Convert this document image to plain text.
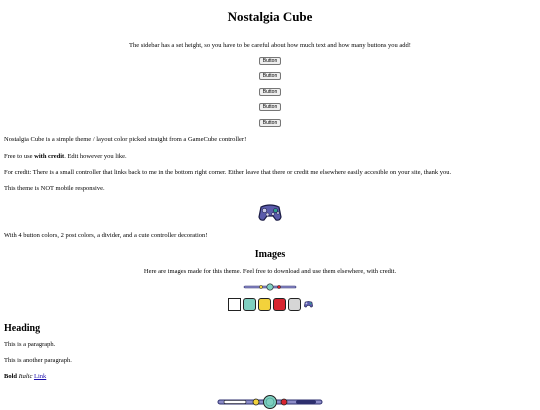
Nostalgia Cube

The sidebar has a set height, so you have to be careful about how much text and how many buttons you add!

Button
Button
Button
Button
Button

Nostalgia Cube is a simple theme / layout color picked straight from a GameCube controller!

Free to use with credit. Edit however you like.

For credit: There is a small controller that links back to me in the bottom right corner. Either leave that there or credit me elsewhere easily accesible on your site, thank you.

This theme is NOT mobile responsive.

With 4 button colors, 2 post colors, a divider, and a cute controller decoration!

Images

Here are images made for this theme. Feel free to download and use them elsewhere, with credit.

Heading

This is a paragraph.

This is another paragraph.

Bold Italic Link
